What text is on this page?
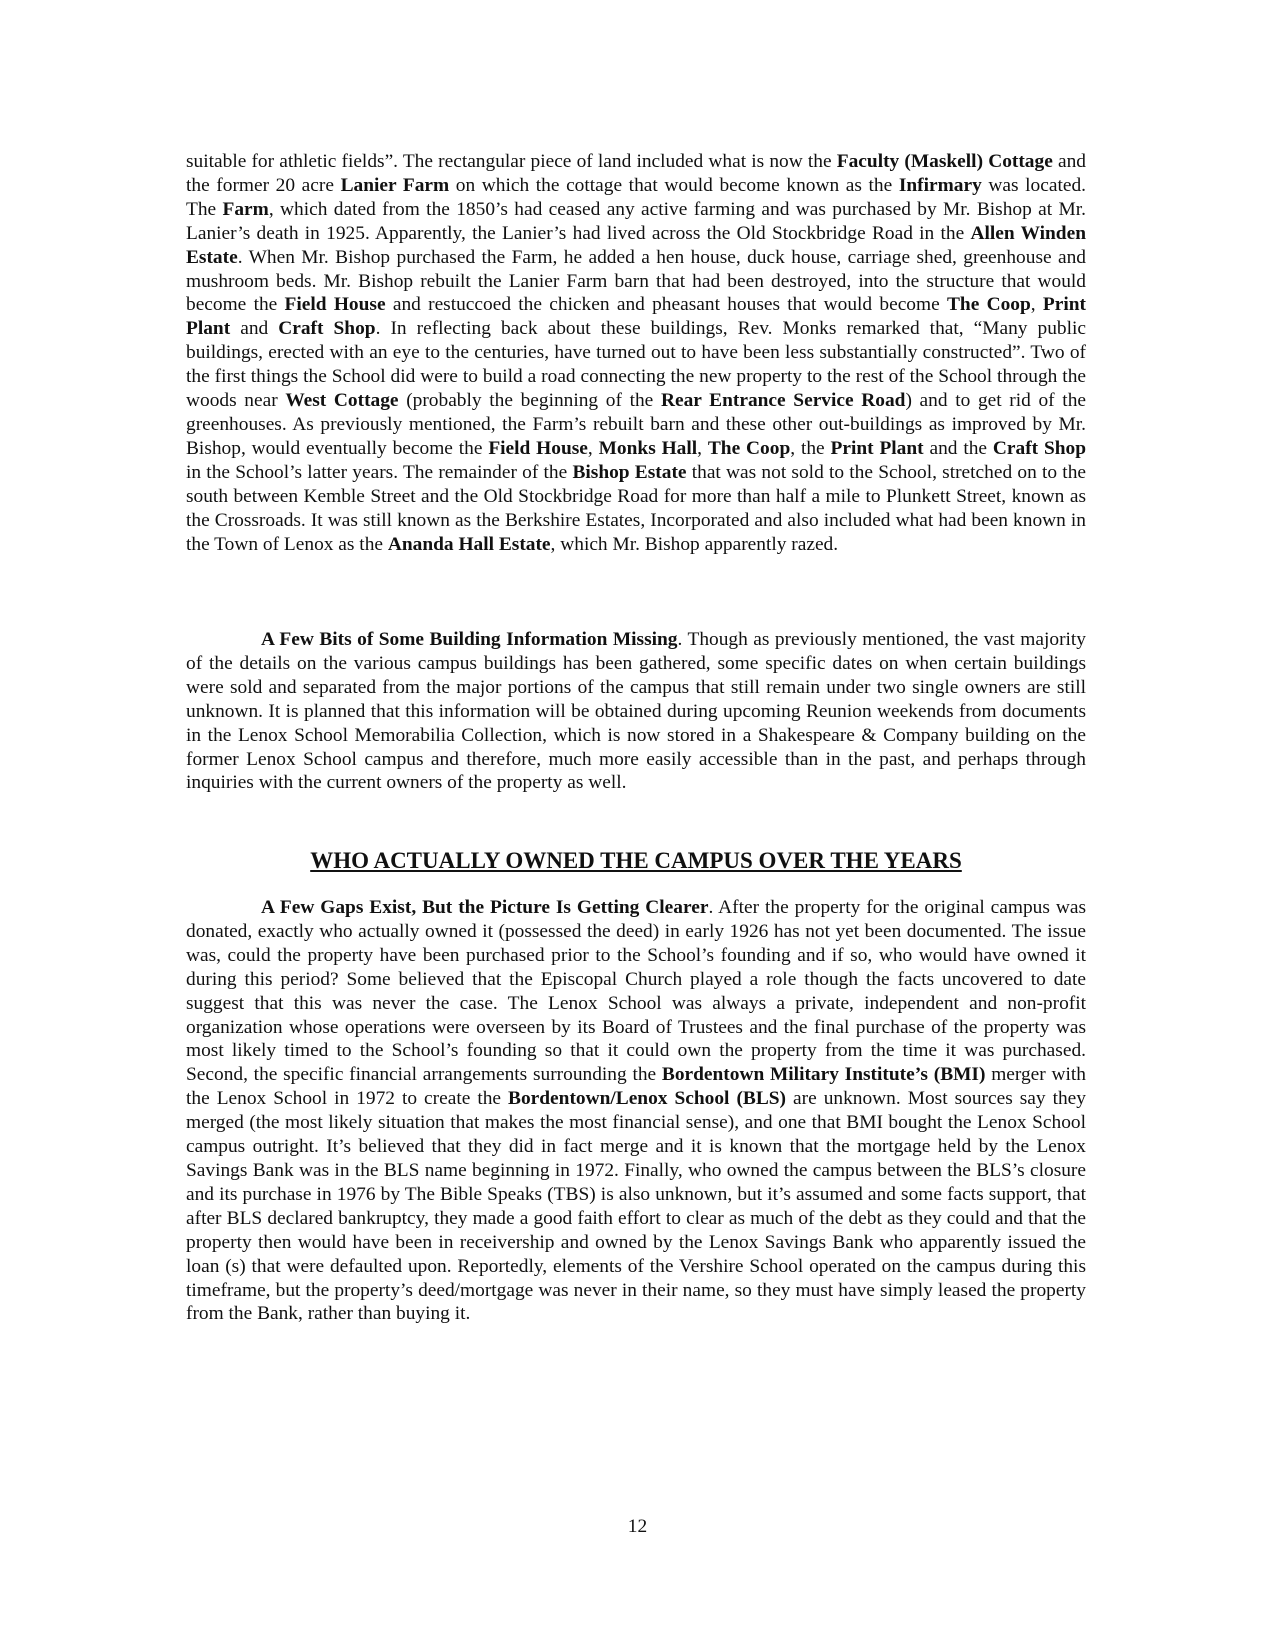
suitable for athletic fields”. The rectangular piece of land included what is now the Faculty (Maskell) Cottage and the former 20 acre Lanier Farm on which the cottage that would become known as the Infirmary was located. The Farm, which dated from the 1850’s had ceased any active farming and was purchased by Mr. Bishop at Mr. Lanier’s death in 1925. Apparently, the Lanier’s had lived across the Old Stockbridge Road in the Allen Winden Estate. When Mr. Bishop purchased the Farm, he added a hen house, duck house, carriage shed, greenhouse and mushroom beds. Mr. Bishop rebuilt the Lanier Farm barn that had been destroyed, into the structure that would become the Field House and restuccoed the chicken and pheasant houses that would become The Coop, Print Plant and Craft Shop. In reflecting back about these buildings, Rev. Monks remarked that, “Many public buildings, erected with an eye to the centuries, have turned out to have been less substantially constructed”. Two of the first things the School did were to build a road connecting the new property to the rest of the School through the woods near West Cottage (probably the beginning of the Rear Entrance Service Road) and to get rid of the greenhouses. As previously mentioned, the Farm’s rebuilt barn and these other out-buildings as improved by Mr. Bishop, would eventually become the Field House, Monks Hall, The Coop, the Print Plant and the Craft Shop in the School’s latter years. The remainder of the Bishop Estate that was not sold to the School, stretched on to the south between Kemble Street and the Old Stockbridge Road for more than half a mile to Plunkett Street, known as the Crossroads. It was still known as the Berkshire Estates, Incorporated and also included what had been known in the Town of Lenox as the Ananda Hall Estate, which Mr. Bishop apparently razed.

A Few Bits of Some Building Information Missing. Though as previously mentioned, the vast majority of the details on the various campus buildings has been gathered, some specific dates on when certain buildings were sold and separated from the major portions of the campus that still remain under two single owners are still unknown. It is planned that this information will be obtained during upcoming Reunion weekends from documents in the Lenox School Memorabilia Collection, which is now stored in a Shakespeare & Company building on the former Lenox School campus and therefore, much more easily accessible than in the past, and perhaps through inquiries with the current owners of the property as well.

WHO ACTUALLY OWNED THE CAMPUS OVER THE YEARS

A Few Gaps Exist, But the Picture Is Getting Clearer. After the property for the original campus was donated, exactly who actually owned it (possessed the deed) in early 1926 has not yet been documented. The issue was, could the property have been purchased prior to the School’s founding and if so, who would have owned it during this period? Some believed that the Episcopal Church played a role though the facts uncovered to date suggest that this was never the case. The Lenox School was always a private, independent and non-profit organization whose operations were overseen by its Board of Trustees and the final purchase of the property was most likely timed to the School’s founding so that it could own the property from the time it was purchased. Second, the specific financial arrangements surrounding the Bordentown Military Institute’s (BMI) merger with the Lenox School in 1972 to create the Bordentown/Lenox School (BLS) are unknown. Most sources say they merged (the most likely situation that makes the most financial sense), and one that BMI bought the Lenox School campus outright. It’s believed that they did in fact merge and it is known that the mortgage held by the Lenox Savings Bank was in the BLS name beginning in 1972. Finally, who owned the campus between the BLS’s closure and its purchase in 1976 by The Bible Speaks (TBS) is also unknown, but it’s assumed and some facts support, that after BLS declared bankruptcy, they made a good faith effort to clear as much of the debt as they could and that the property then would have been in receivership and owned by the Lenox Savings Bank who apparently issued the loan (s) that were defaulted upon. Reportedly, elements of the Vershire School operated on the campus during this timeframe, but the property’s deed/mortgage was never in their name, so they must have simply leased the property from the Bank, rather than buying it.

12
